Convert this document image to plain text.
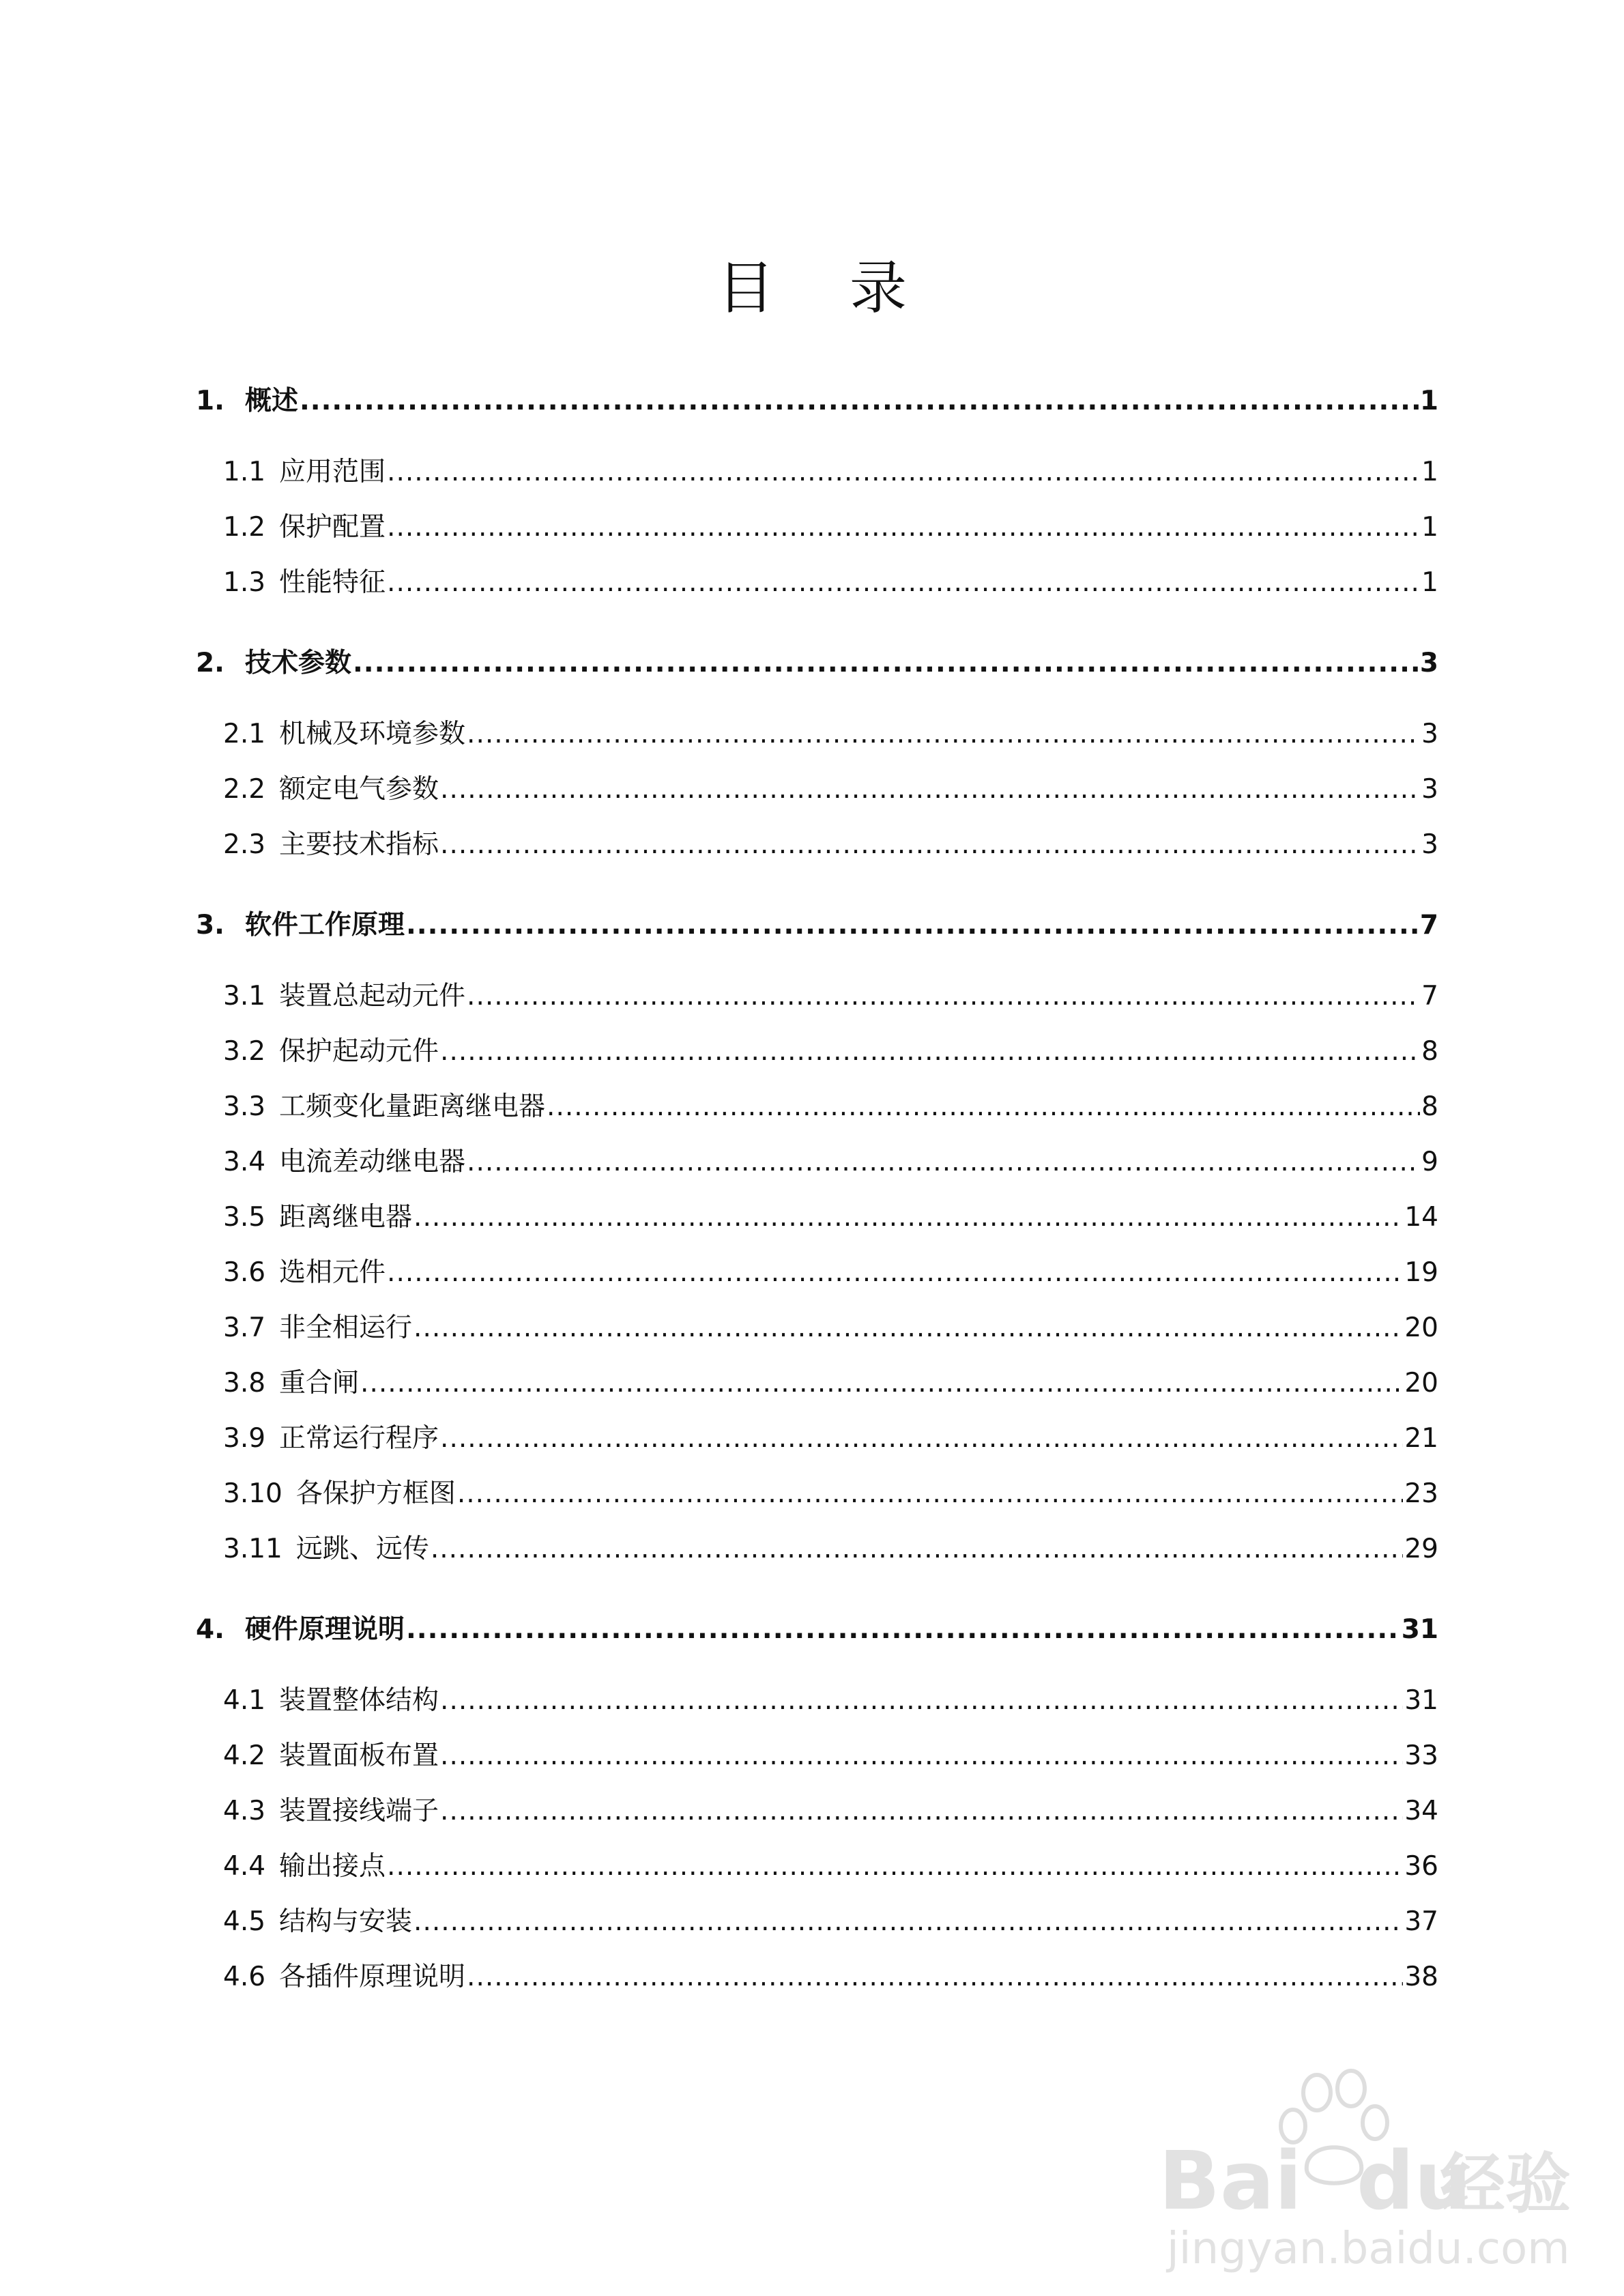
目 录
1. 概述 .....	1
1.1 应用范围 .....	1
1.2 保护配置 .....	1
1.3 性能特征 .....	1
2. 技术参数 .....	3
2.1 机械及环境参数 .....	3
2.2 额定电气参数 .....	3
2.3 主要技术指标 .....	3
3. 软件工作原理 .....	7
3.1 装置总起动元件 .....	7
3.2 保护起动元件 .....	8
3.3 工频变化量距离继电器 .....	8
3.4 电流差动继电器 .....	9
3.5 距离继电器 .....	14
3.6 选相元件 .....	19
3.7 非全相运行 .....	20
3.8 重合闸 .....	20
3.9 正常运行程序 .....	21
3.10 各保护方框图 .....	23
3.11 远跳、远传 .....	29
4. 硬件原理说明 .....	31
4.1 装置整体结构 .....	31
4.2 装置面板布置 .....	33
4.3 装置接线端子 .....	34
4.4 输出接点 .....	36
4.5 结构与安装 .....	37
4.6 各插件原理说明 .....	38
Bai du
经验
jingyan.baidu.com
